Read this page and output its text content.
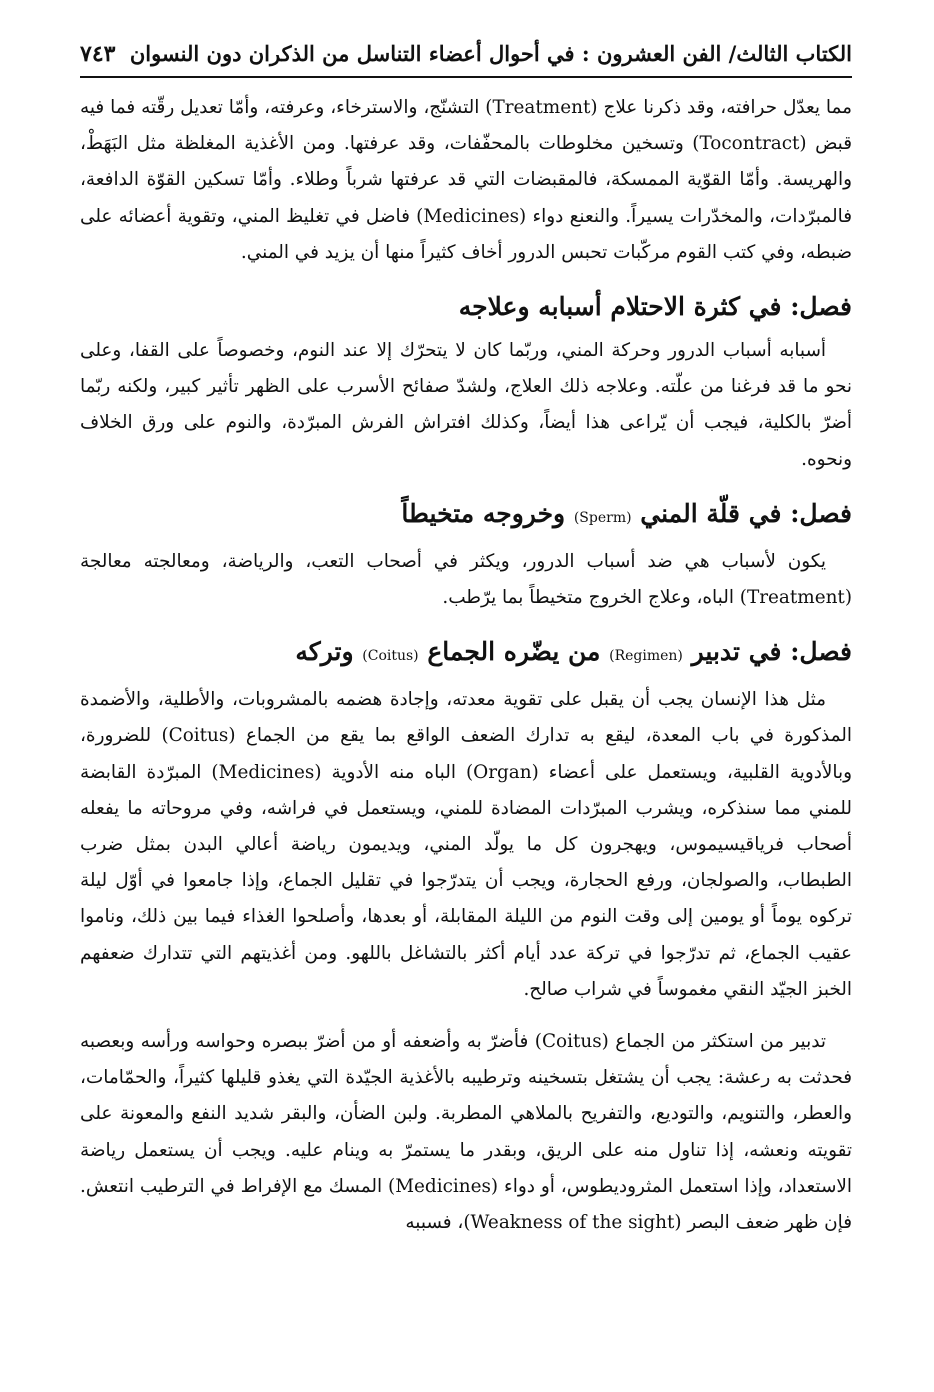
الكتاب الثالث/ الفن العشرون : في أحوال أعضاء التناسل من الذكران دون النسوان
٧٤٣

مما يعدّل حرافته، وقد ذكرنا علاج (Treatment) التشنّج، والاسترخاء، وعرفته، وأمّا تعديل رقّته فما فيه قبض (Tocontract) وتسخين مخلوطات بالمحفّفات، وقد عرفتها. ومن الأغذية المغلظة مثل البَهَطْ، والهريسة. وأمّا القوّية الممسكة، فالمقبضات التي قد عرفتها شرباً وطلاء. وأمّا تسكين القوّة الدافعة، فالمبرّدات، والمخدّرات يسيراً. والنعنع دواء (Medicines) فاضل في تغليظ المني، وتقوية أعضائه على ضبطه، وفي كتب القوم مركّبات تحبس الدرور أخاف كثيراً منها أن يزيد في المني.

فصل: في كثرة الاحتلام أسبابه وعلاجه

أسبابه أسباب الدرور وحركة المني، وربّما كان لا يتحرّك إلا عند النوم، وخصوصاً على القفا، وعلى نحو ما قد فرغنا من علّته. وعلاجه ذلك العلاج، ولشدّ صفائح الأسرب على الظهر تأثير كبير، ولكنه ربّما أضرّ بالكلية، فيجب أن يّراعى هذا أيضاً، وكذلك افتراش الفرش المبرّدة، والنوم على ورق الخلاف ونحوه.

فصل: في قلّة المني (Sperm) وخروجه متخيطاً

يكون لأسباب هي ضد أسباب الدرور، ويكثر في أصحاب التعب، والرياضة، ومعالجته معالجة (Treatment) الباه، وعلاج الخروج متخيطاً بما يرّطب.

فصل: في تدبير (Regimen) من يضّره الجماع (Coitus) وتركه

مثل هذا الإنسان يجب أن يقبل على تقوية معدته، وإجادة هضمه بالمشروبات، والأطلية، والأضمدة المذكورة في باب المعدة، ليقع به تدارك الضعف الواقع بما يقع من الجماع (Coitus) للضرورة، وبالأدوية القلبية، ويستعمل على أعضاء (Organ) الباه منه الأدوية (Medicines) المبرّدة القابضة للمني مما سنذكره، ويشرب المبرّدات المضادة للمني، ويستعمل في فراشه، وفي مروحاته ما يفعله أصحاب فرياقيسيموس، ويهجرون كل ما يولّد المني، ويديمون رياضة أعالي البدن بمثل ضرب الطبطاب، والصولجان، ورفع الحجارة، ويجب أن يتدرّجوا في تقليل الجماع، وإذا جامعوا في أوّل ليلة تركوه يوماً أو يومين إلى وقت النوم من الليلة المقابلة، أو بعدها، وأصلحوا الغذاء فيما بين ذلك، وناموا عقيب الجماع، ثم تدرّجوا في تركة عدد أيام أكثر بالتشاغل باللهو. ومن أغذيتهم التي تتدارك ضعفهم الخبز الجيّد النقي مغموساً في شراب صالح.

تدبير من استكثر من الجماع (Coitus) فأضرّ به وأضعفه أو من أضرّ ببصره وحواسه ورأسه وبعصبه فحدثت به رعشة: يجب أن يشتغل بتسخينه وترطيبه بالأغذية الجيّدة التي يغذو قليلها كثيراً، والحمّامات، والعطر، والتنويم، والتوديع، والتفريح بالملاهي المطربة. ولبن الضأن، والبقر شديد النفع والمعونة على تقويته ونعشه، إذا تناول منه على الريق، وبقدر ما يستمرّ به وينام عليه. ويجب أن يستعمل رياضة الاستعداد، وإذا استعمل المثروديطوس، أو دواء (Medicines) المسك مع الإفراط في الترطيب انتعش. فإن ظهر ضعف البصر (Weakness of the sight)، فسببه
